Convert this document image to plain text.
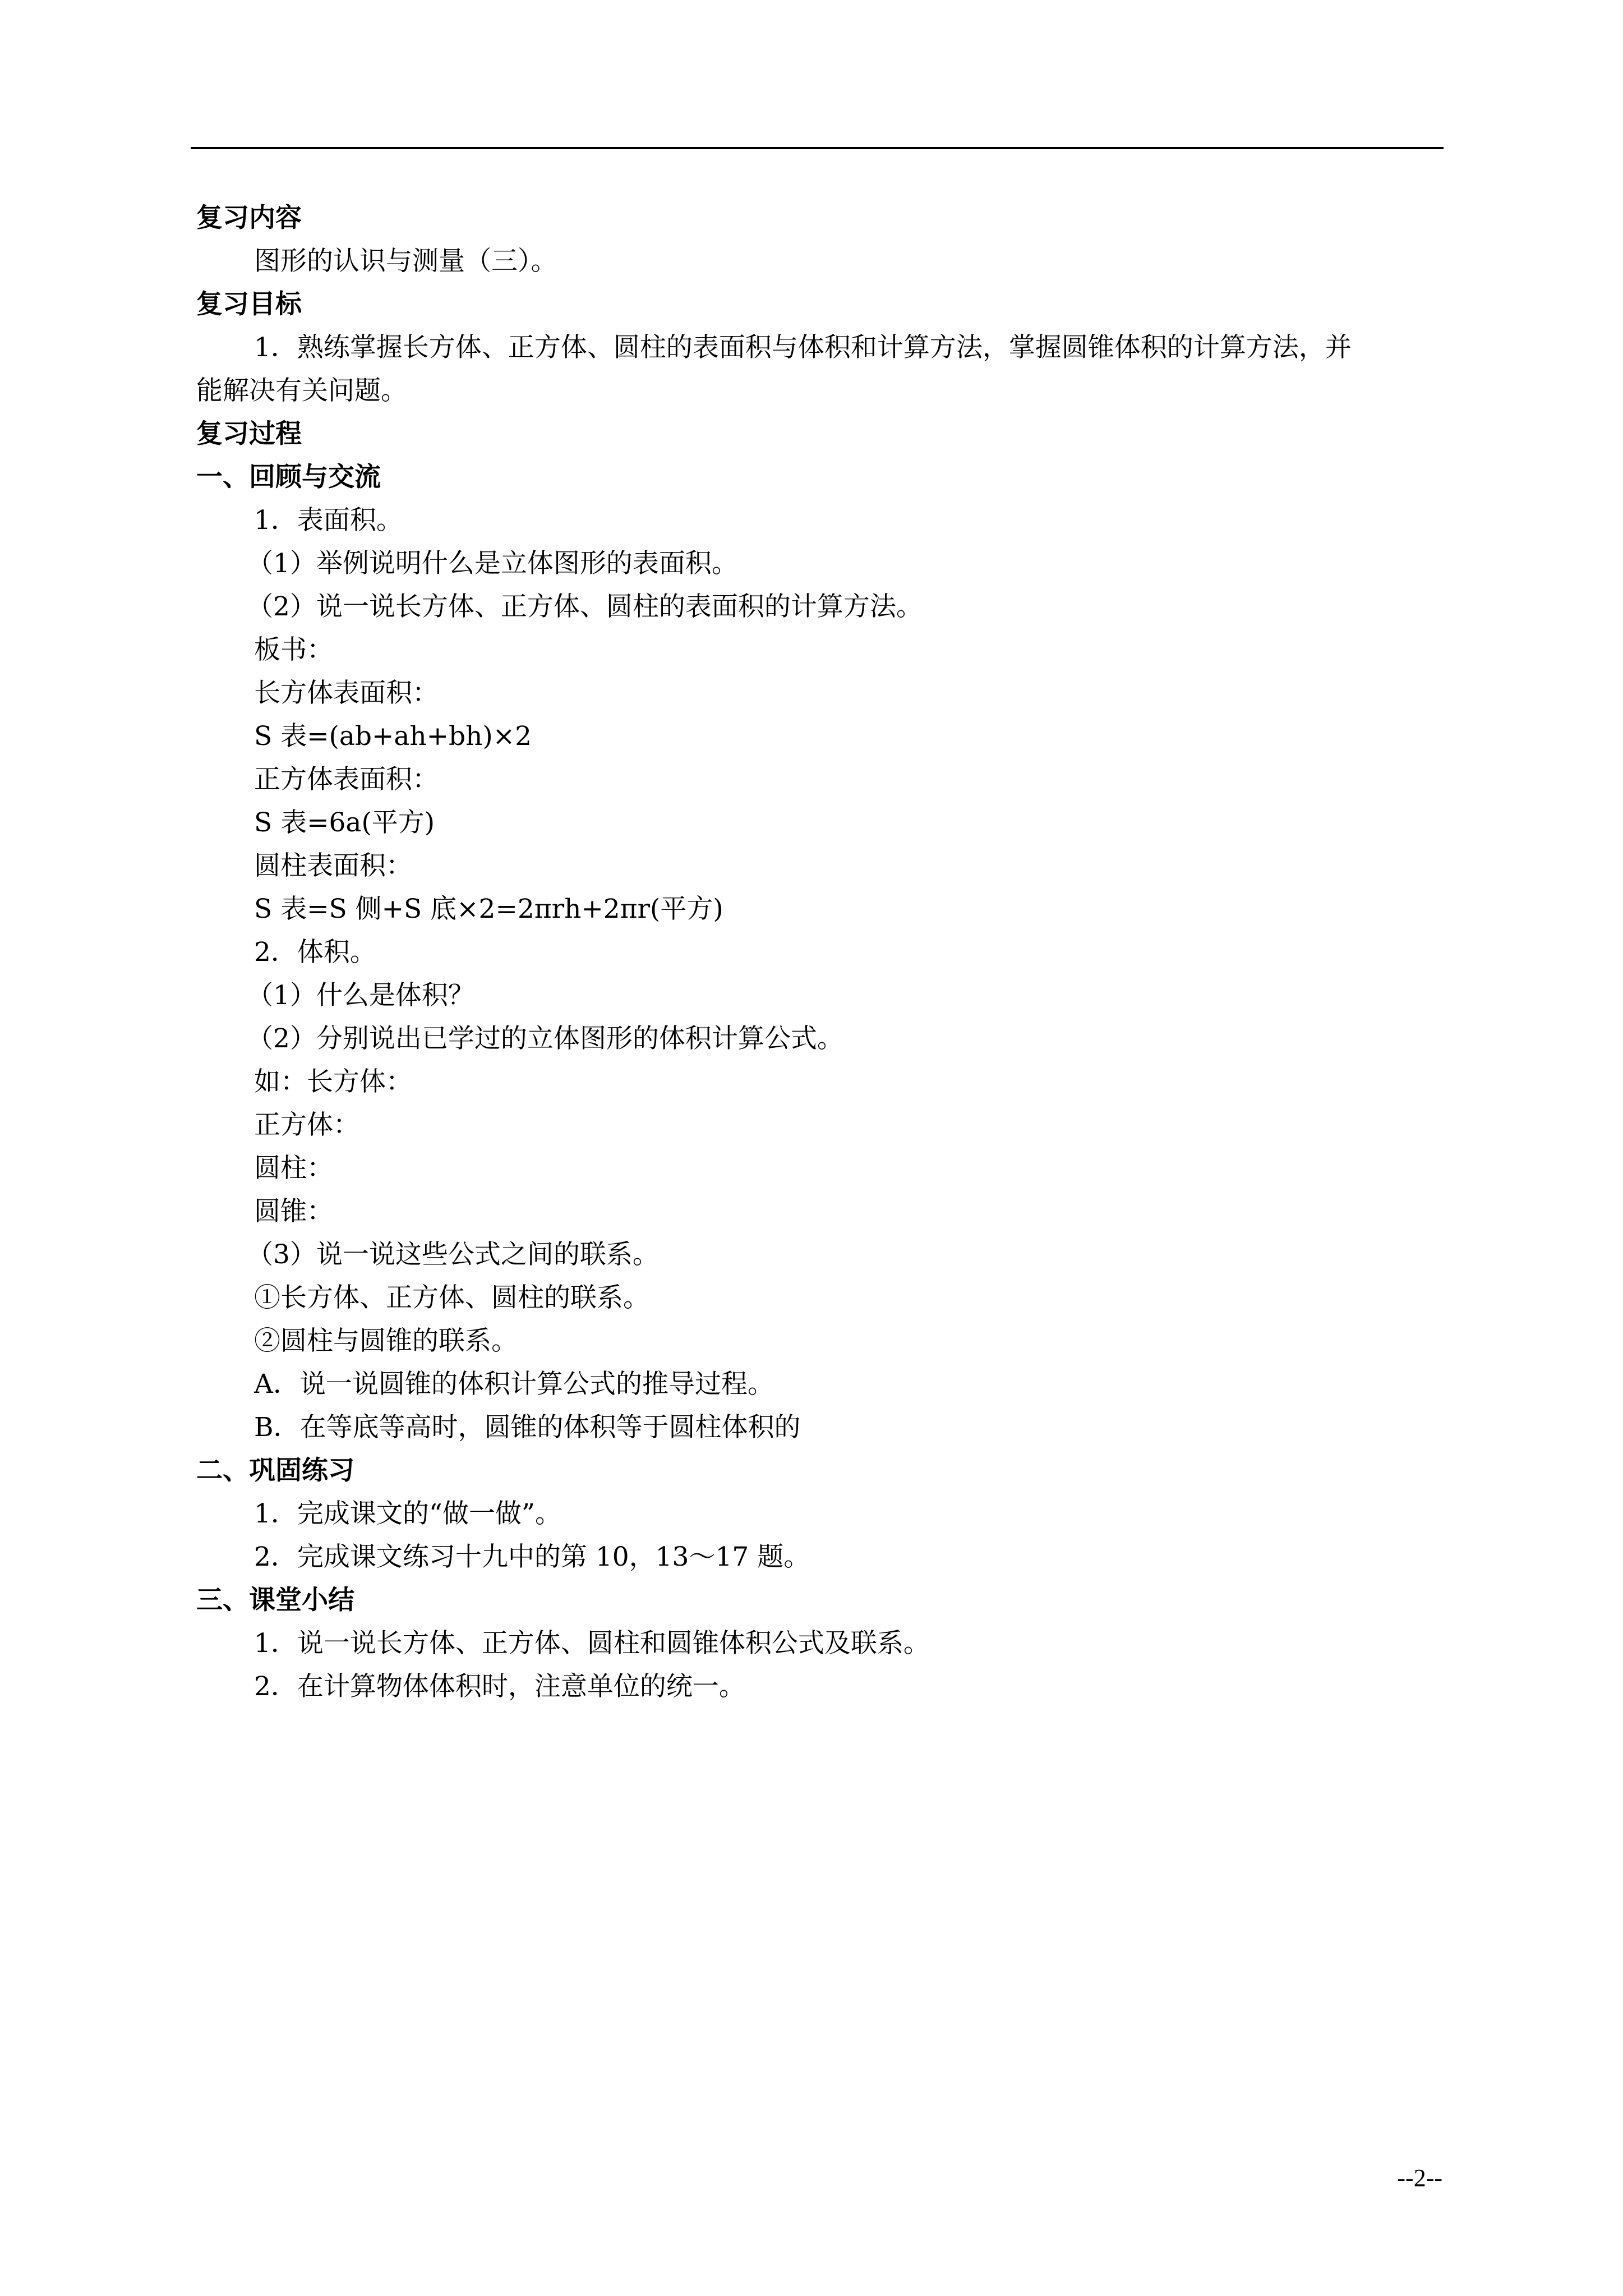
复习内容
图形的认识与测量（三）。
复习目标
1．熟练掌握长方体、正方体、圆柱的表面积与体积和计算方法，掌握圆锥体积的计算方法，并
能解决有关问题。
复习过程
一、回顾与交流
1．表面积。
（1）举例说明什么是立体图形的表面积。
（2）说一说长方体、正方体、圆柱的表面积的计算方法。
板书：
长方体表面积：
S 表=(ab+ah+bh)×2
正方体表面积：
S 表=6a(平方)
圆柱表面积：
S 表=S 侧+S 底×2=2πrh+2πr(平方)
2．体积。
（1）什么是体积？
（2）分别说出已学过的立体图形的体积计算公式。
如：长方体：
正方体：
圆柱：
圆锥：
（3）说一说这些公式之间的联系。
①长方体、正方体、圆柱的联系。
②圆柱与圆锥的联系。
A．说一说圆锥的体积计算公式的推导过程。
B．在等底等高时，圆锥的体积等于圆柱体积的
二、巩固练习
1．完成课文的“做一做”。
2．完成课文练习十九中的第 10，13～17 题。
三、课堂小结
1．说一说长方体、正方体、圆柱和圆锥体积公式及联系。
2．在计算物体体积时，注意单位的统一。
--2--
